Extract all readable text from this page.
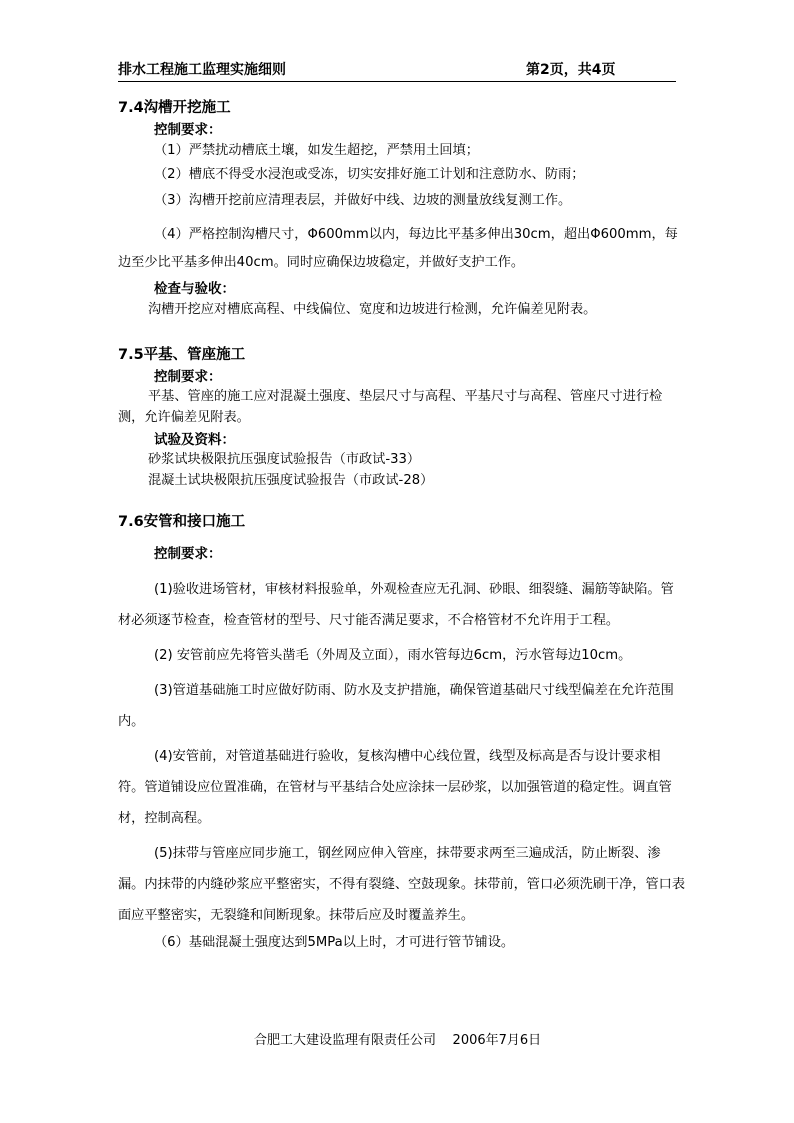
排水工程施工监理实施细则	第2页，共4页
7.4沟槽开挖施工
控制要求：
（1）严禁扰动槽底土壤，如发生超挖，严禁用土回填；
（2）槽底不得受水浸泡或受冻，切实安排好施工计划和注意防水、防雨；
（3）沟槽开挖前应清理表层，并做好中线、边坡的测量放线复测工作。
（4）严格控制沟槽尺寸，Φ600mm以内，每边比平基多伸出30cm，超出Φ600mm，每边至少比平基多伸出40cm。同时应确保边坡稳定，并做好支护工作。
检查与验收：
沟槽开挖应对槽底高程、中线偏位、宽度和边坡进行检测，允许偏差见附表。
7.5平基、管座施工
控制要求：
平基、管座的施工应对混凝土强度、垫层尺寸与高程、平基尺寸与高程、管座尺寸进行检测，允许偏差见附表。
试验及资料：
砂浆试块极限抗压强度试验报告（市政试-33）
混凝土试块极限抗压强度试验报告（市政试-28）
7.6安管和接口施工
控制要求：
(1)验收进场管材，审核材料报验单，外观检查应无孔洞、砂眼、细裂缝、漏筋等缺陷。管材必须逐节检查，检查管材的型号、尺寸能否满足要求，不合格管材不允许用于工程。
(2) 安管前应先将管头凿毛（外周及立面），雨水管每边6cm，污水管每边10cm。
(3)管道基础施工时应做好防雨、防水及支护措施，确保管道基础尺寸线型偏差在允许范围内。
(4)安管前，对管道基础进行验收，复核沟槽中心线位置，线型及标高是否与设计要求相符。管道铺设应位置准确，在管材与平基结合处应涂抹一层砂浆，以加强管道的稳定性。调直管材，控制高程。
(5)抹带与管座应同步施工，钢丝网应伸入管座，抹带要求两至三遍成活，防止断裂、渗漏。内抹带的内缝砂浆应平整密实，不得有裂缝、空鼓现象。抹带前，管口必须洗刷干净，管口表面应平整密实，无裂缝和间断现象。抹带后应及时覆盖养生。
（6）基础混凝土强度达到5MPa以上时，才可进行管节铺设。
合肥工大建设监理有限责任公司 2006年7月6日
